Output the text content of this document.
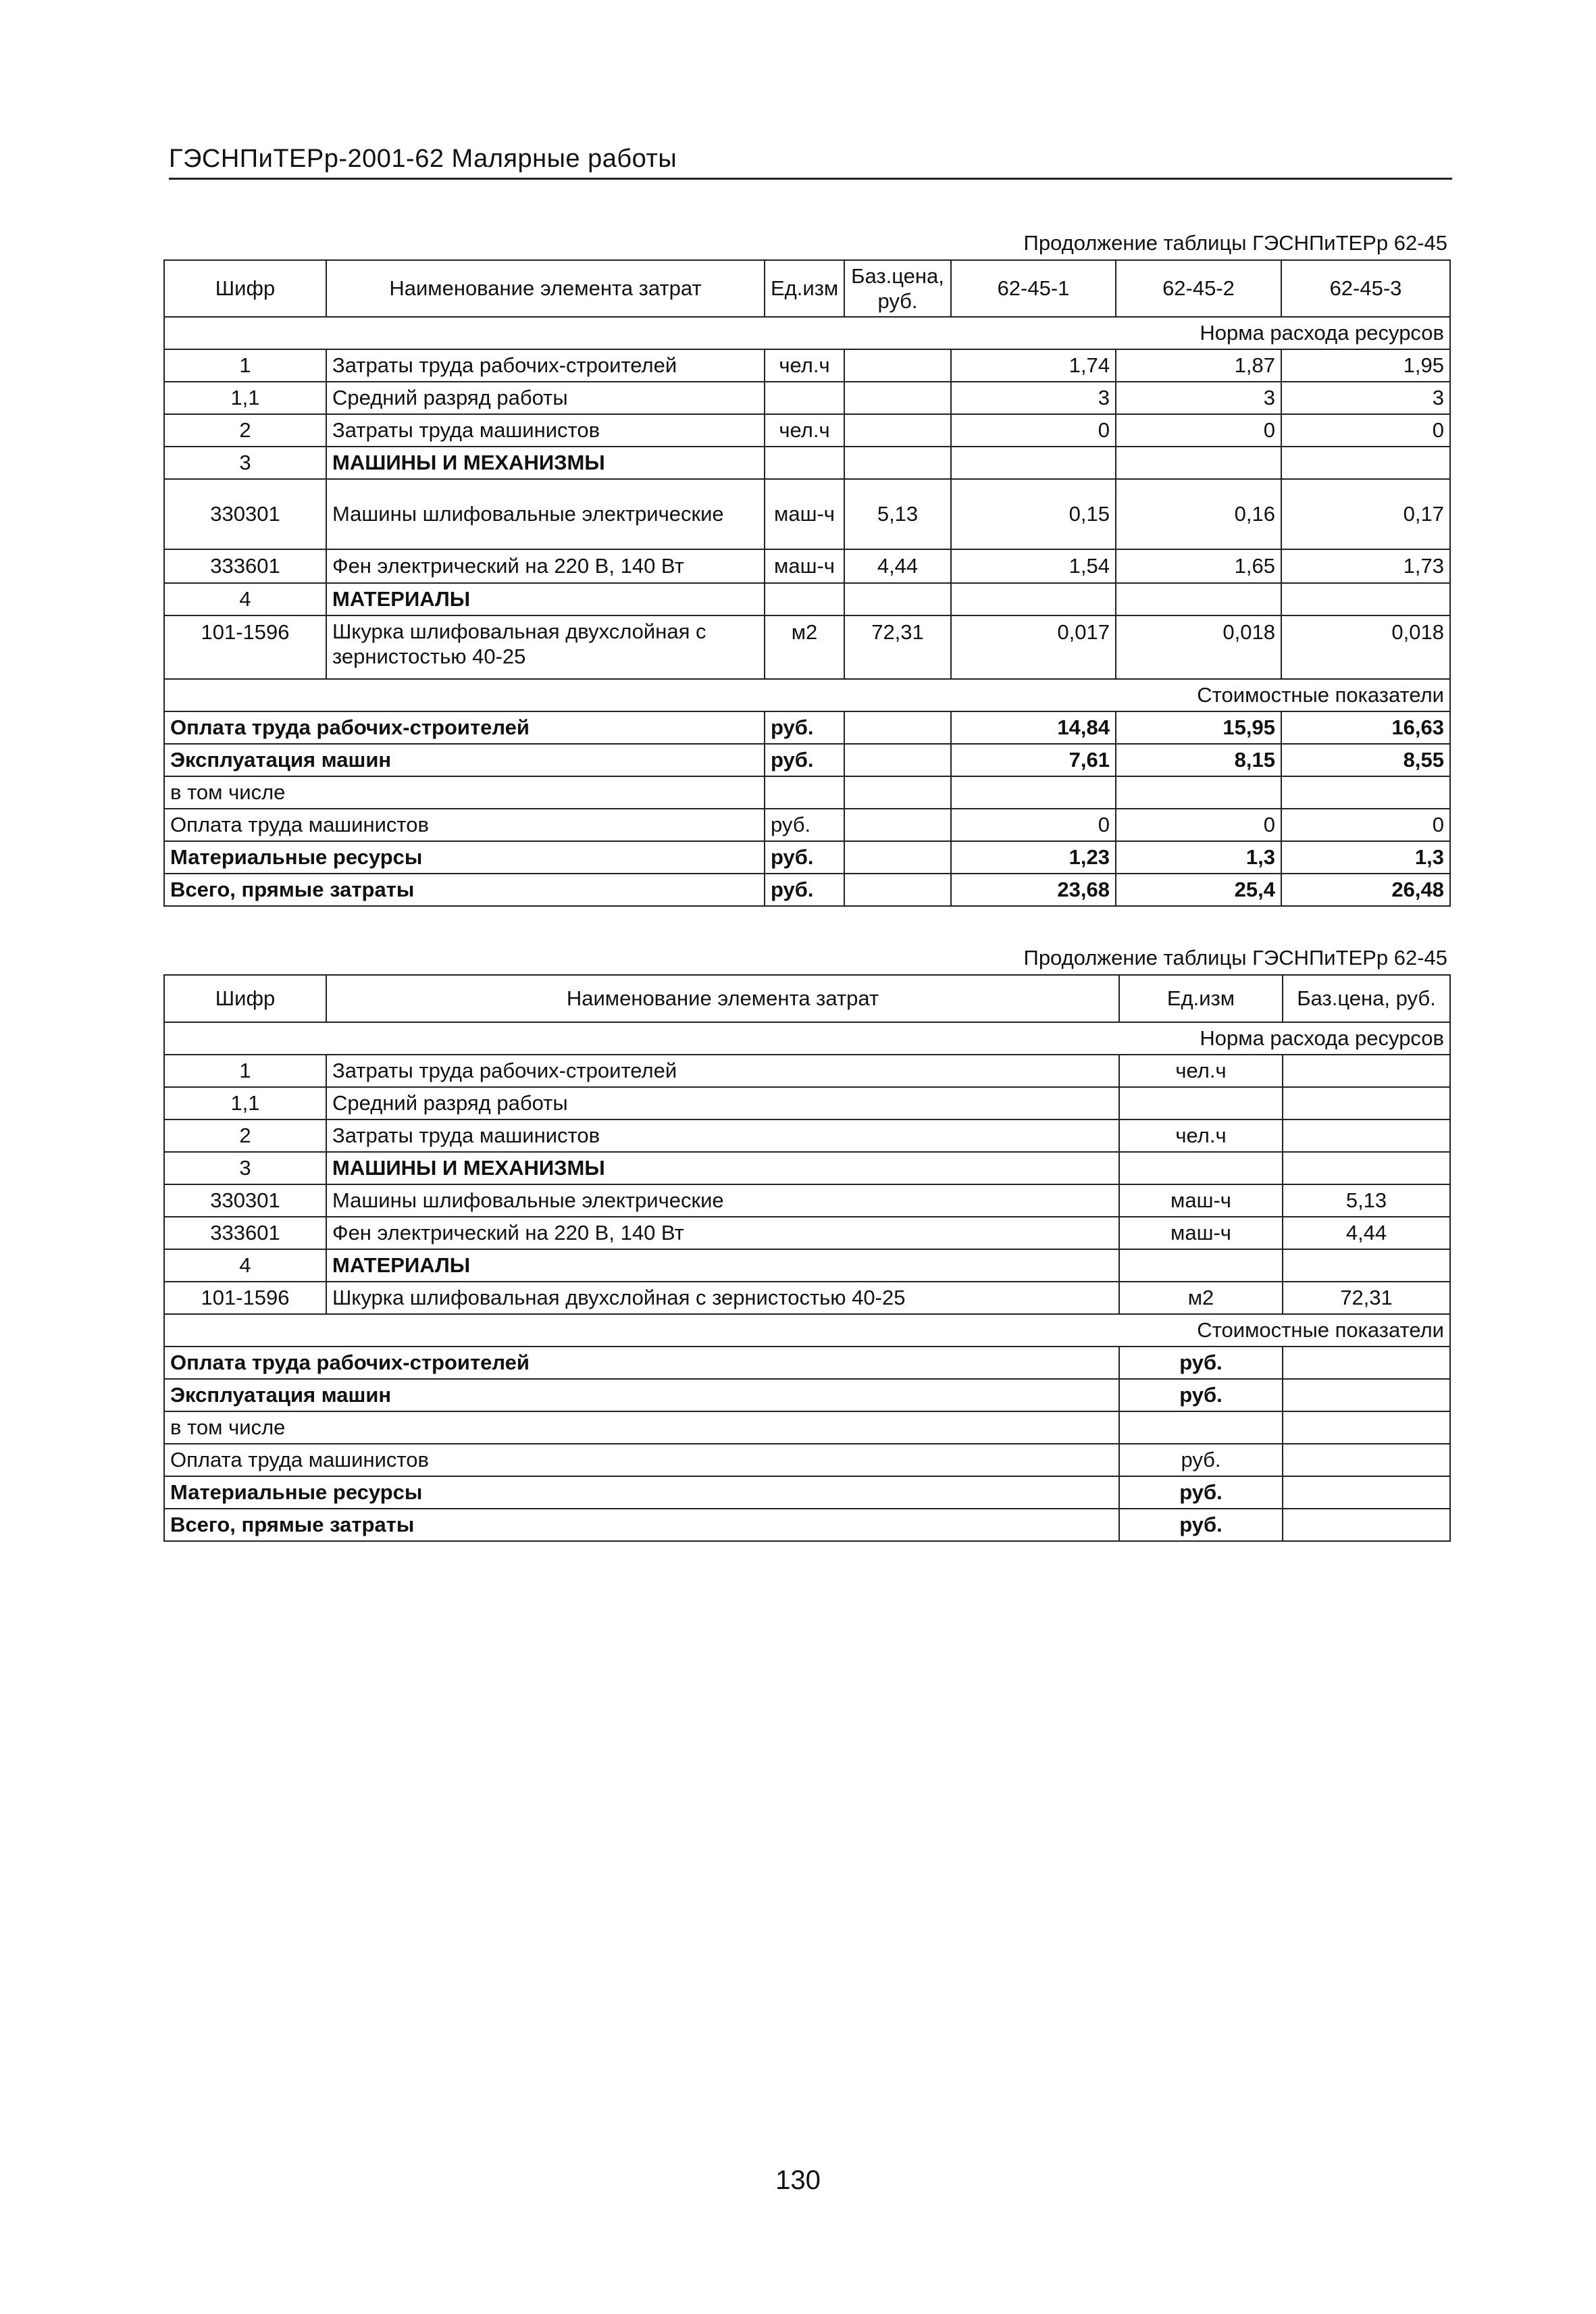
ГЭСНПиТЕРр-2001-62 Малярные работы
Продолжение таблицы ГЭСНПиТЕРр 62-45
Шифр	Наименование элемента затрат	Ед.изм	Баз.цена, руб.	62-45-1	62-45-2	62-45-3
Норма расхода ресурсов						
1	Затраты труда рабочих-строителей	чел.ч		1,74	1,87	1,95
1,1	Средний разряд работы			3	3	3
2	Затраты труда машинистов	чел.ч		0	0	0
3	МАШИНЫ И МЕХАНИЗМЫ					
330301	Машины шлифовальные электрические	маш-ч	5,13	0,15	0,16	0,17
333601	Фен электрический на 220 В, 140 Вт	маш-ч	4,44	1,54	1,65	1,73
4	МАТЕРИАЛЫ					
101-1596	Шкурка шлифовальная двухслойная с зернистостью 40-25	м2	72,31	0,017	0,018	0,018
Стоимостные показатели						
Оплата труда рабочих-строителей		руб.		14,84	15,95	16,63
Эксплуатация машин		руб.		7,61	8,15	8,55
в том числе						
Оплата труда машинистов		руб.		0	0	0
Материальные ресурсы		руб.		1,23	1,3	1,3
Всего, прямые затраты		руб.		23,68	25,4	26,48
Продолжение таблицы ГЭСНПиТЕРр 62-45
Шифр	Наименование элемента затрат	Ед.изм	Баз.цена, руб.	
Норма расхода ресурсов				
1	Затраты труда рабочих-строителей	чел.ч		
1,1	Средний разряд работы			
2	Затраты труда машинистов	чел.ч		
3	МАШИНЫ И МЕХАНИЗМЫ			
330301	Машины шлифовальные электрические	маш-ч	5,13	
333601	Фен электрический на 220 В, 140 Вт	маш-ч	4,44	
4	МАТЕРИАЛЫ			
101-1596	Шкурка шлифовальная двухслойная с зернистостью 40-25	м2	72,31	
Стоимостные показатели				
Оплата труда рабочих-строителей		руб.		
Эксплуатация машин		руб.		
в том числе				
Оплата труда машинистов		руб.		
Материальные ресурсы		руб.		
Всего, прямые затраты		руб.		
130
